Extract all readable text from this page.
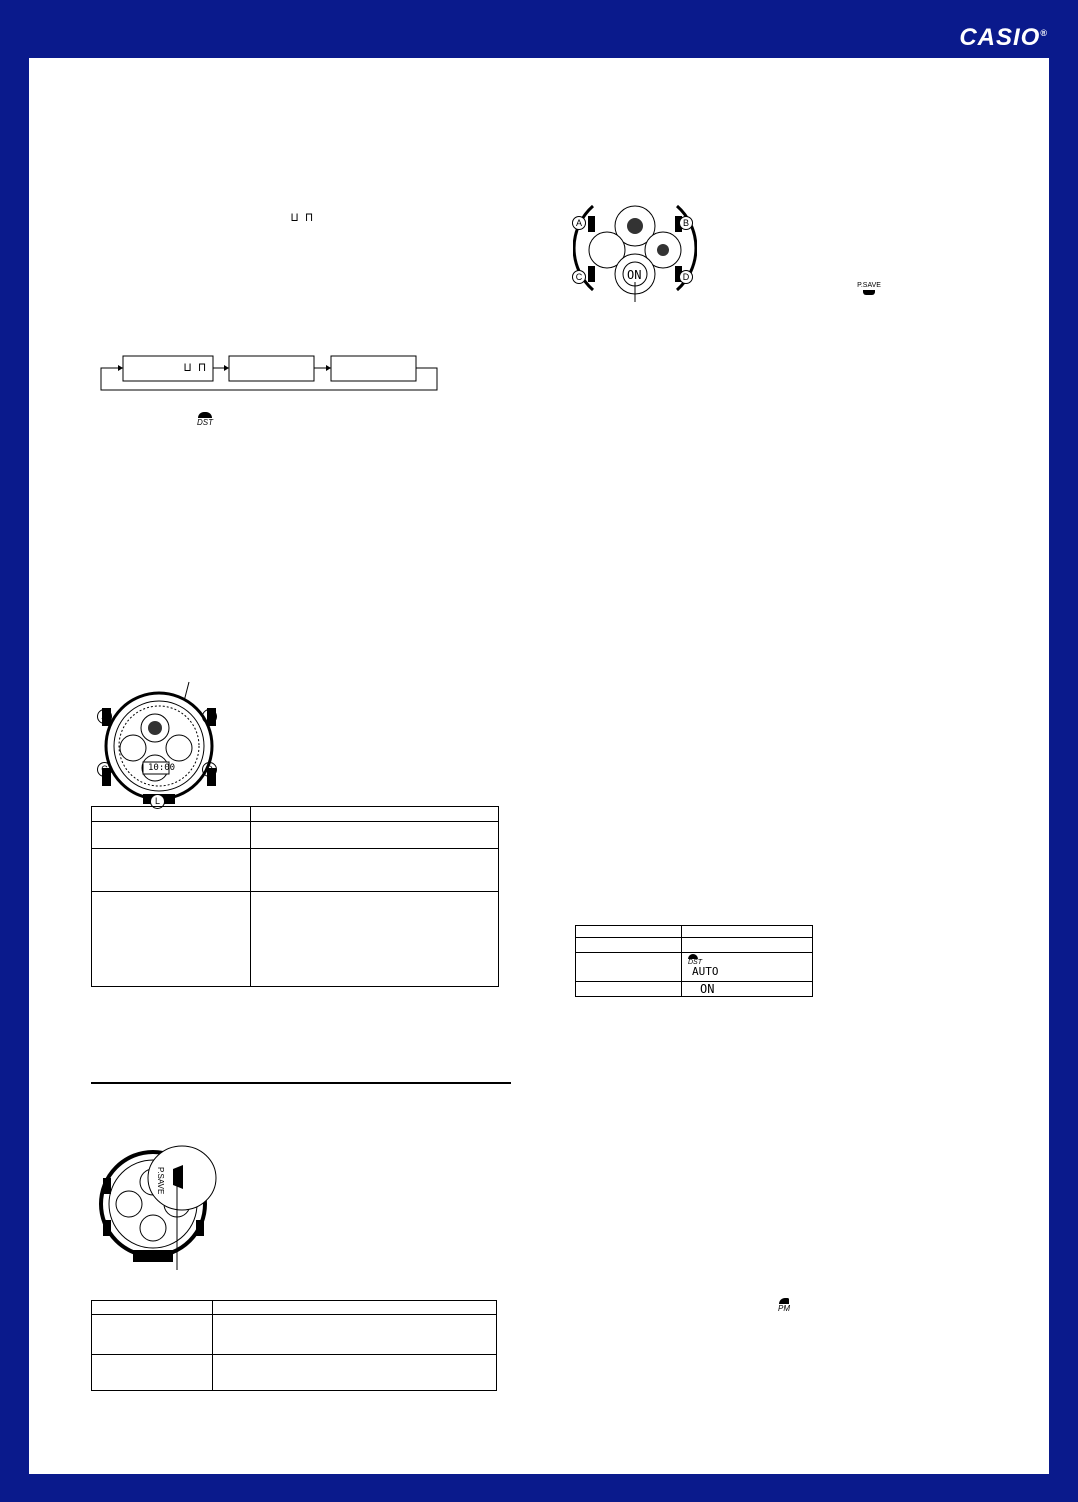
CASIO®
⊔ ⊓
⊔ ⊓
DST
10:00
A	B
C	D
L

P.SAVE

ON
A	B
C	D
P.SAVE

	DST
AUTO

	ON
PM
